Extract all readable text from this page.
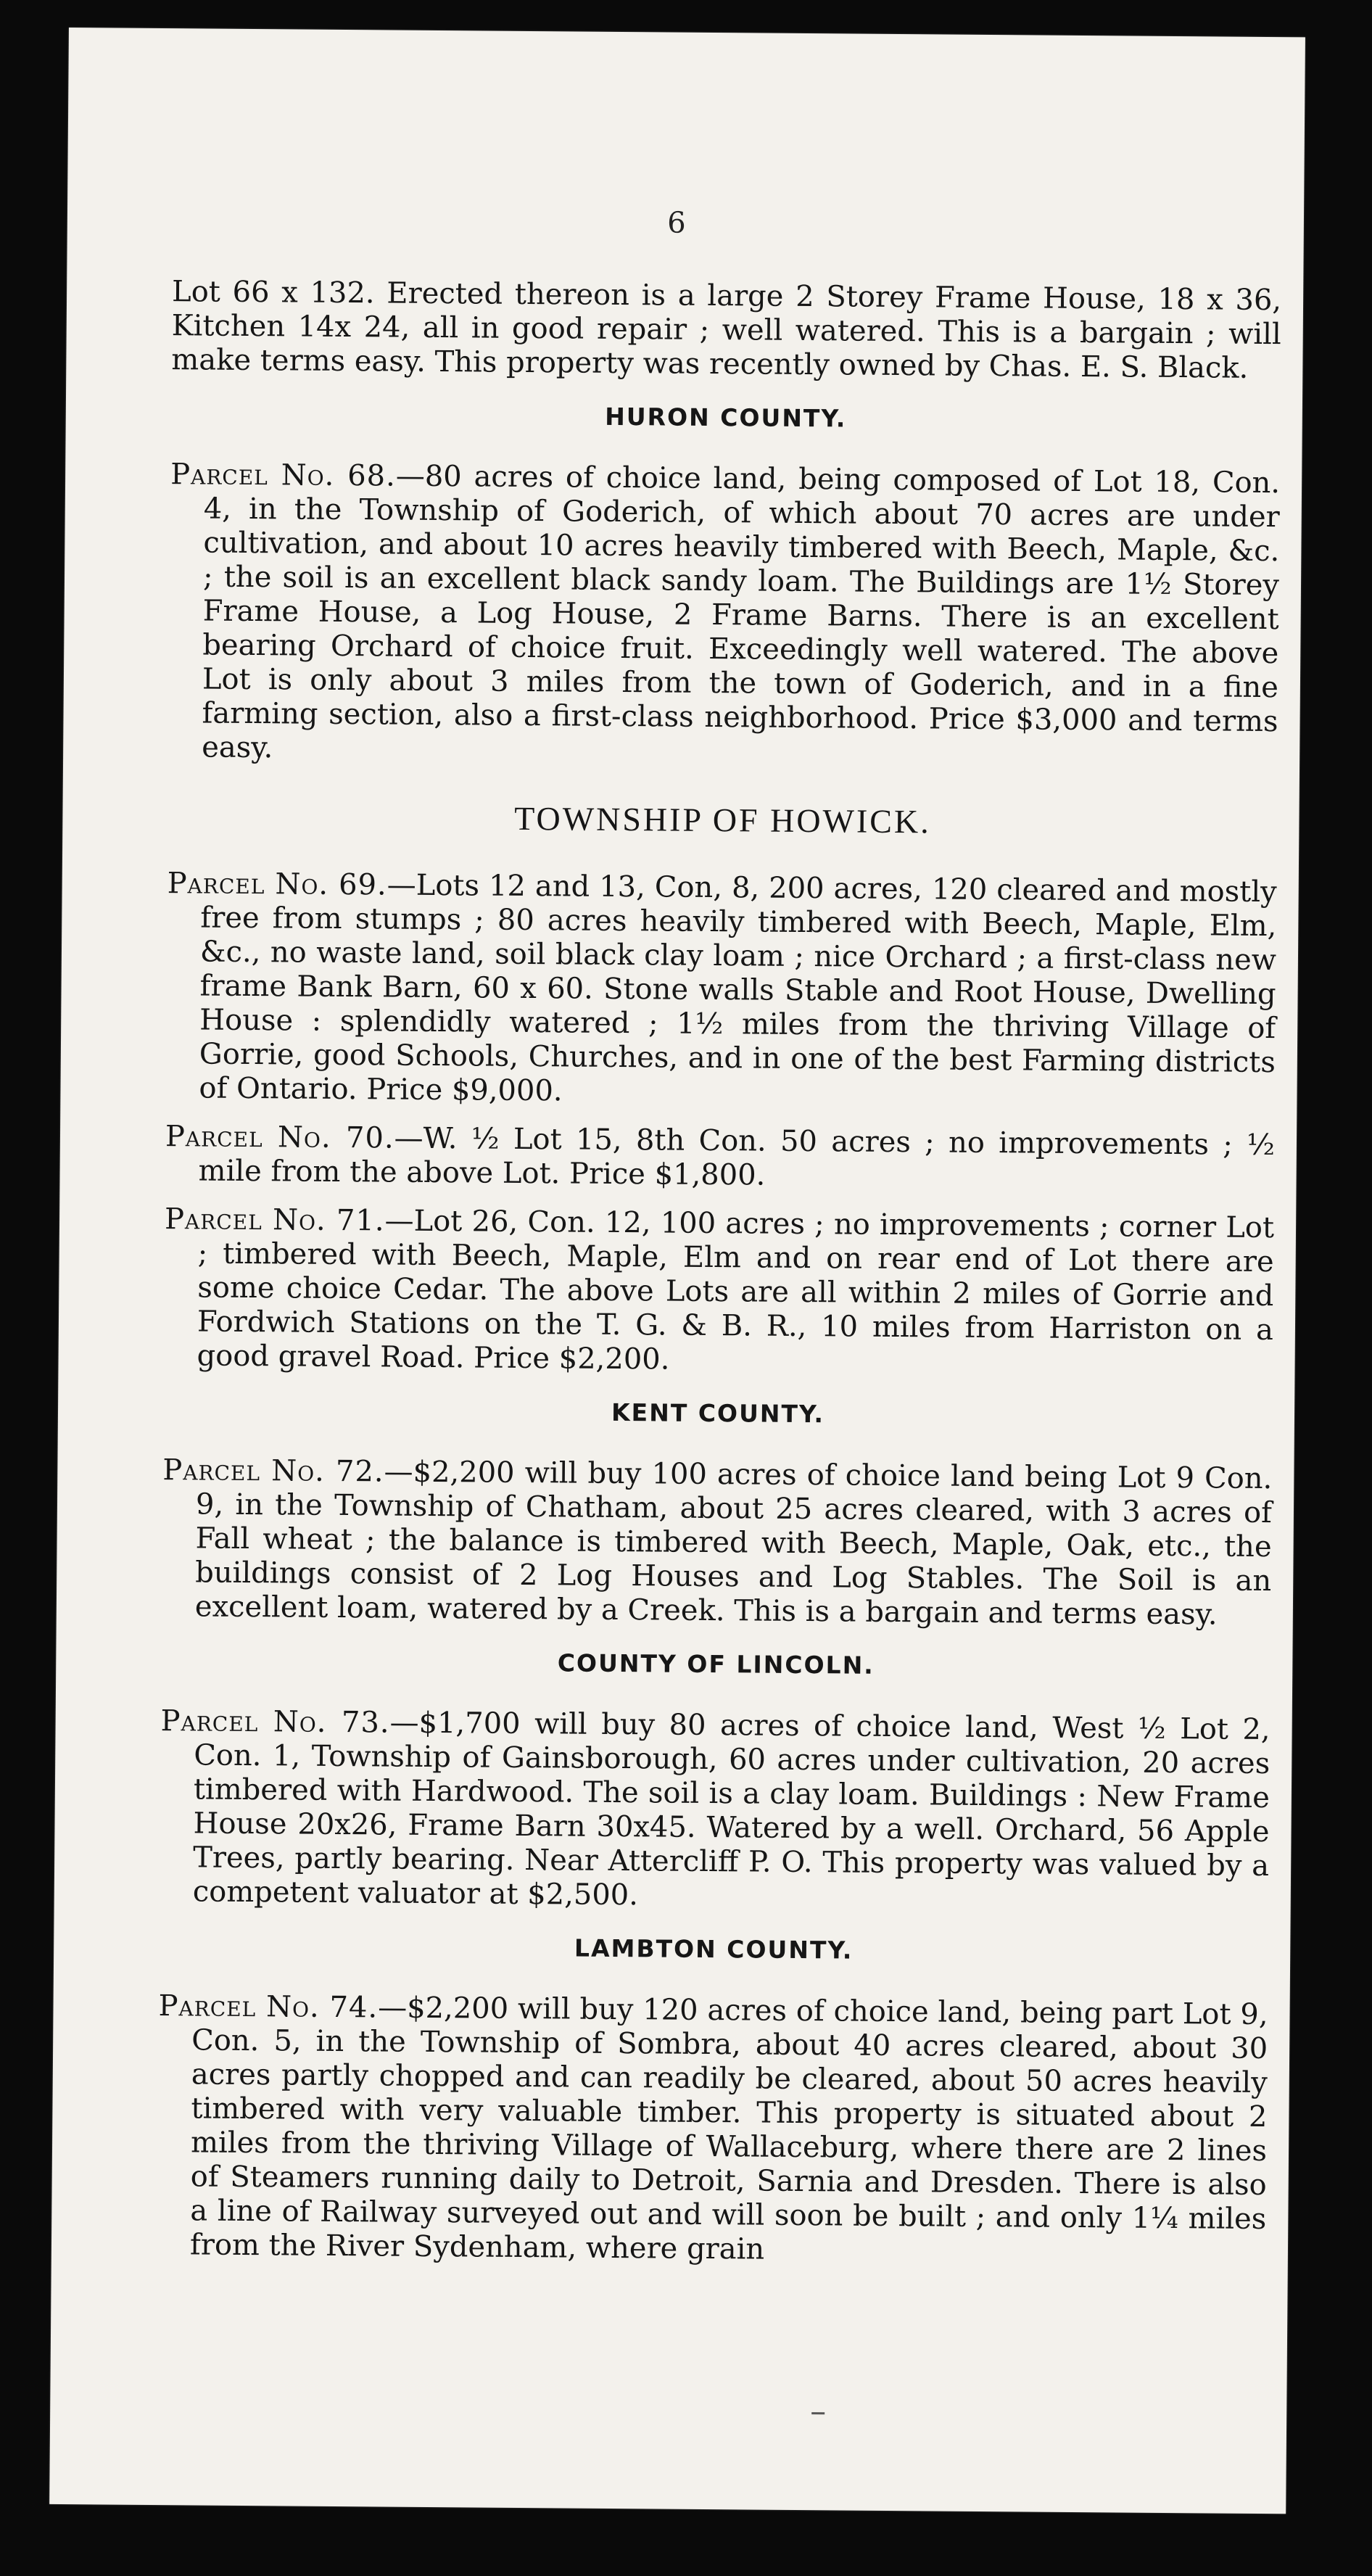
6

Lot 66 x 132. Erected thereon is a large 2 Storey Frame House, 18 x 36, Kitchen 14x 24, all in good repair ; well watered. This is a bargain ; will make terms easy. This property was recently owned by Chas. E. S. Black.

HURON COUNTY.

Parcel No. 68.—80 acres of choice land, being composed of Lot 18, Con. 4, in the Township of Goderich, of which about 70 acres are under cultivation, and about 10 acres heavily timbered with Beech, Maple, &c. ; the soil is an excellent black sandy loam. The Buildings are 1½ Storey Frame House, a Log House, 2 Frame Barns. There is an excellent bearing Orchard of choice fruit. Exceedingly well watered. The above Lot is only about 3 miles from the town of Goderich, and in a fine farming section, also a first-class neighborhood. Price $3,000 and terms easy.

TOWNSHIP OF HOWICK.

Parcel No. 69.—Lots 12 and 13, Con, 8, 200 acres, 120 cleared and mostly free from stumps ; 80 acres heavily timbered with Beech, Maple, Elm, &c., no waste land, soil black clay loam ; nice Orchard ; a first-class new frame Bank Barn, 60 x 60. Stone walls Stable and Root House, Dwelling House : splendidly watered ; 1½ miles from the thriving Village of Gorrie, good Schools, Churches, and in one of the best Farming districts of Ontario. Price $9,000.

Parcel No. 70.—W. ½ Lot 15, 8th Con. 50 acres ; no improvements ; ½ mile from the above Lot. Price $1,800.

Parcel No. 71.—Lot 26, Con. 12, 100 acres ; no improvements ; corner Lot ; timbered with Beech, Maple, Elm and on rear end of Lot there are some choice Cedar. The above Lots are all within 2 miles of Gorrie and Fordwich Stations on the T. G. & B. R., 10 miles from Harriston on a good gravel Road. Price $2,200.

KENT COUNTY.

Parcel No. 72.—$2,200 will buy 100 acres of choice land being Lot 9 Con. 9, in the Township of Chatham, about 25 acres cleared, with 3 acres of Fall wheat ; the balance is timbered with Beech, Maple, Oak, etc., the buildings consist of 2 Log Houses and Log Stables. The Soil is an excellent loam, watered by a Creek. This is a bargain and terms easy.

COUNTY OF LINCOLN.

Parcel No. 73.—$1,700 will buy 80 acres of choice land, West ½ Lot 2, Con. 1, Township of Gainsborough, 60 acres under cultivation, 20 acres timbered with Hardwood. The soil is a clay loam. Buildings : New Frame House 20x26, Frame Barn 30x45. Watered by a well. Orchard, 56 Apple Trees, partly bearing. Near Attercliff P. O. This property was valued by a competent valuator at $2,500.

LAMBTON COUNTY.

Parcel No. 74.—$2,200 will buy 120 acres of choice land, being part Lot 9, Con. 5, in the Township of Sombra, about 40 acres cleared, about 30 acres partly chopped and can readily be cleared, about 50 acres heavily timbered with very valuable timber. This property is situated about 2 miles from the thriving Village of Wallaceburg, where there are 2 lines of Steamers running daily to Detroit, Sarnia and Dresden. There is also a line of Railway surveyed out and will soon be built ; and only 1¼ miles from the River Sydenham, where grain
